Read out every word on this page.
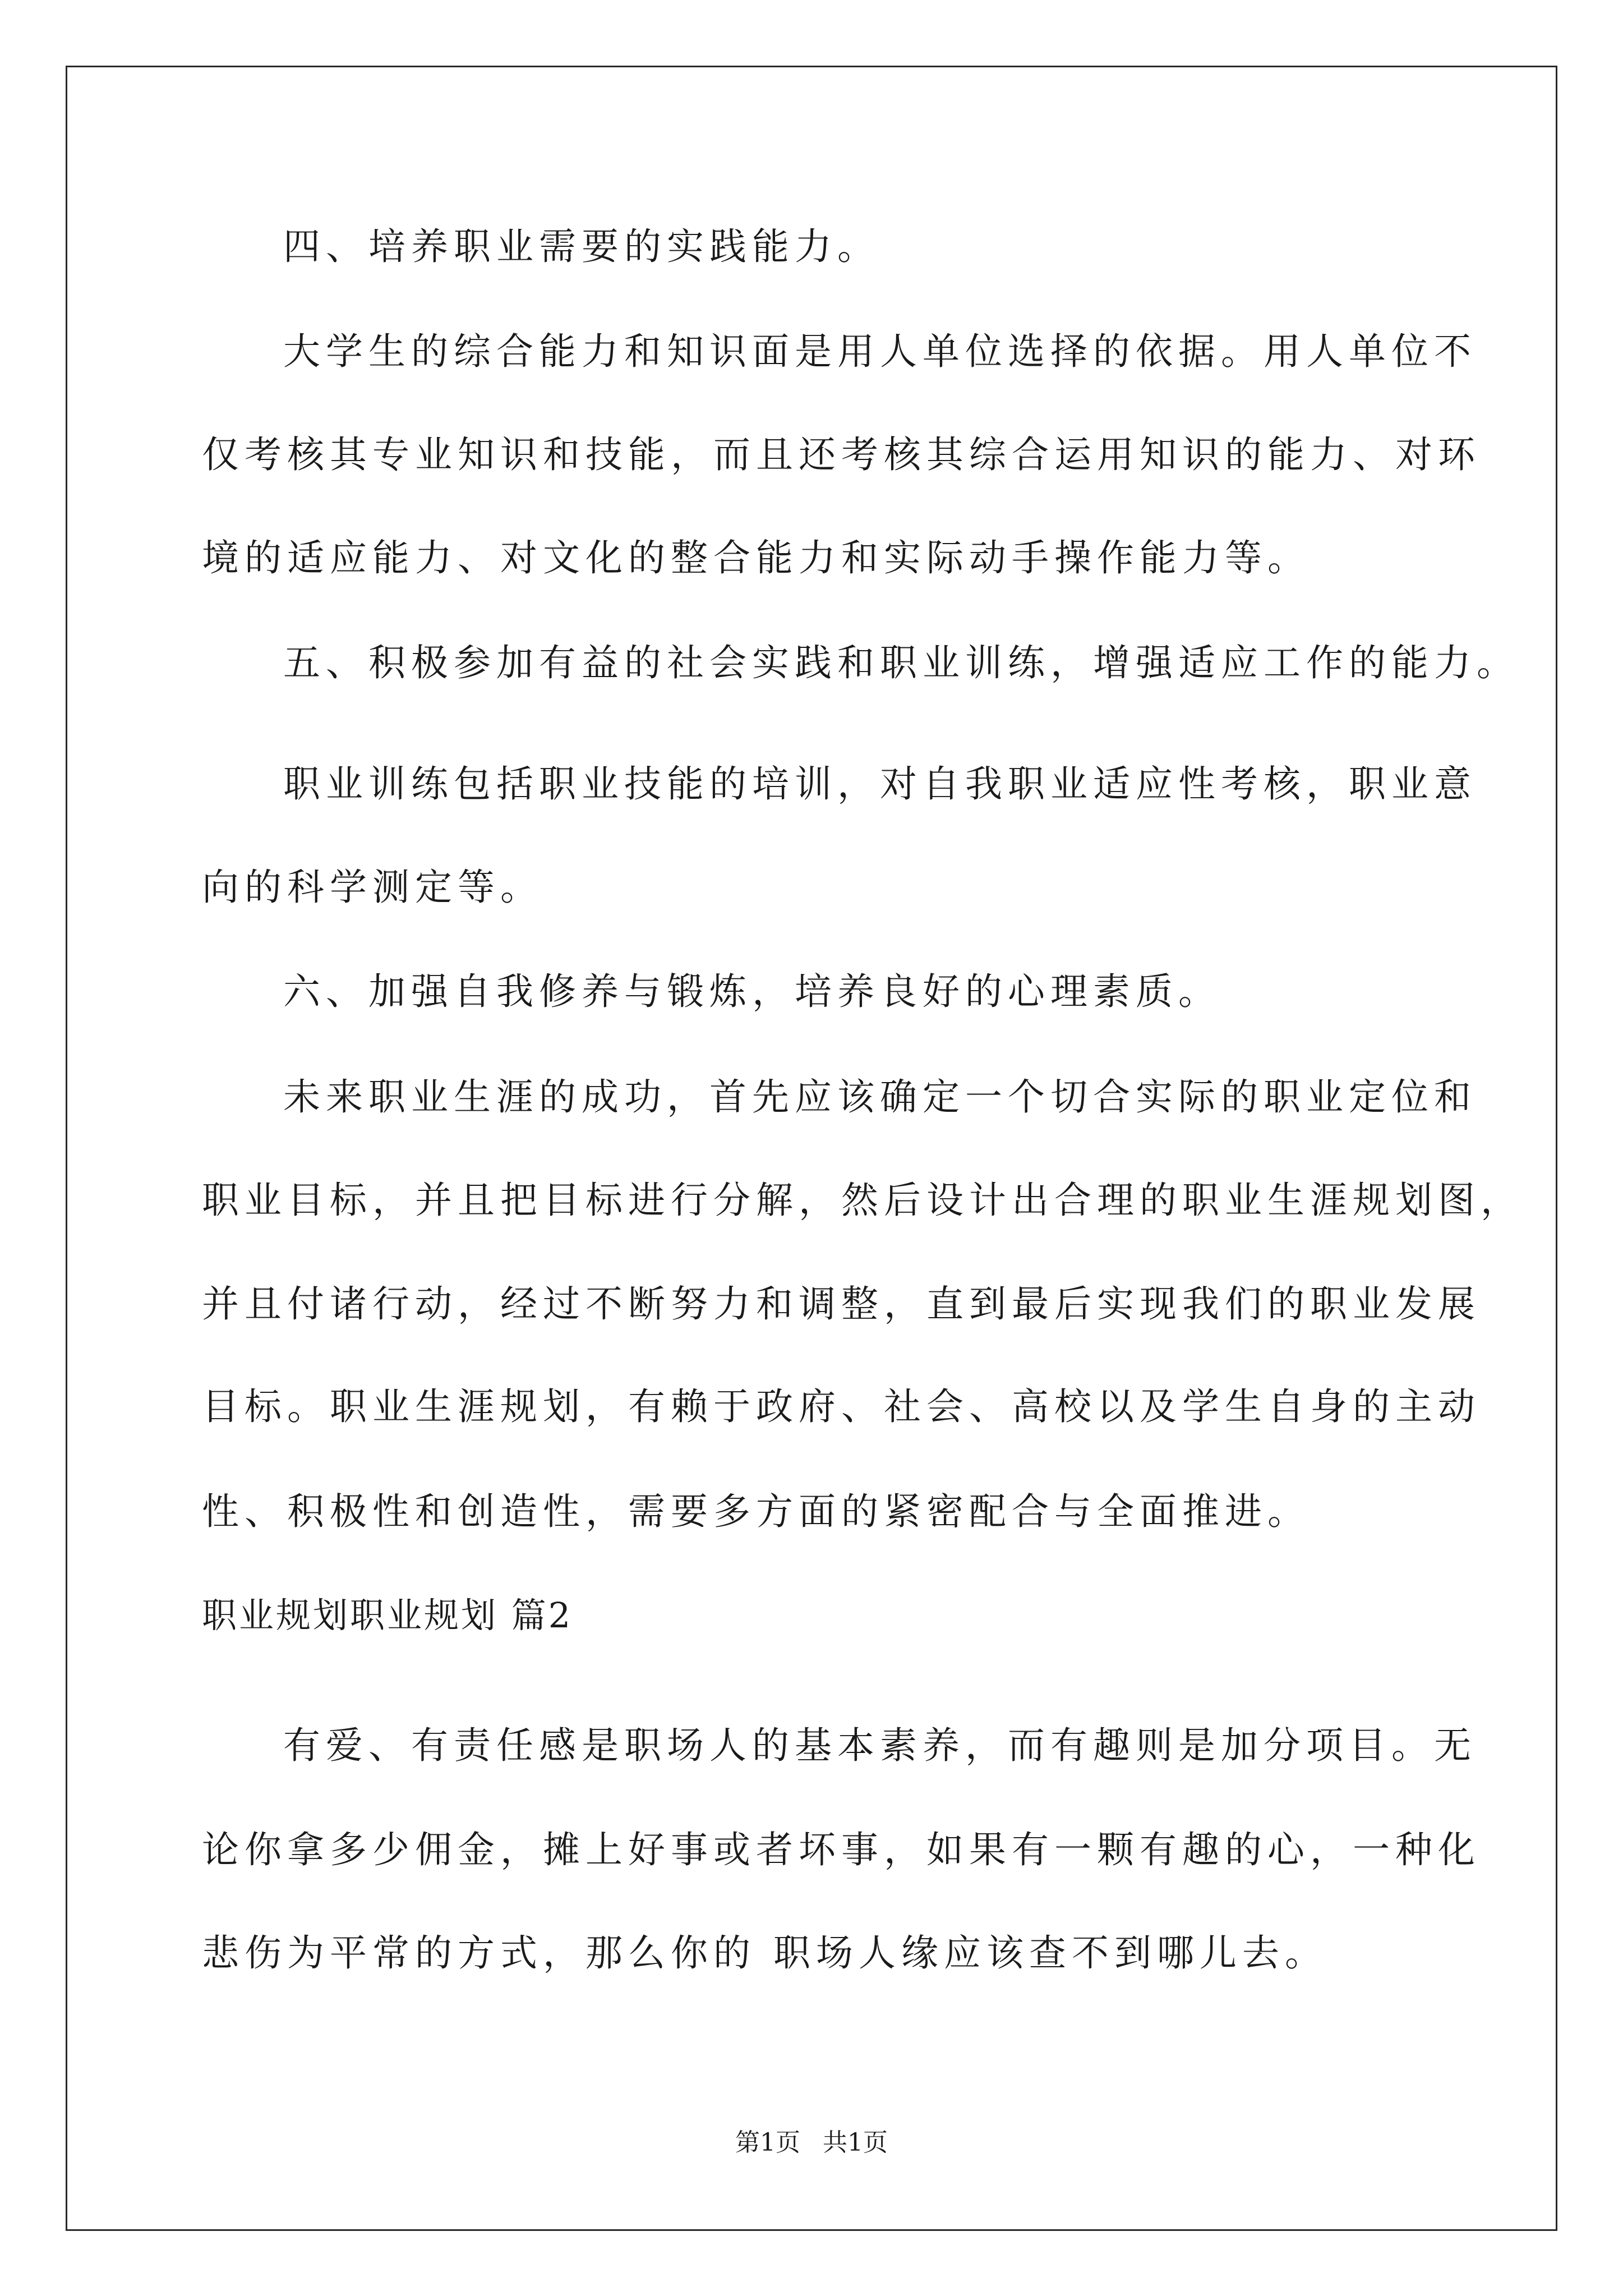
四、培养职业需要的实践能力。
大学生的综合能力和知识面是用人单位选择的依据。用人单位不
仅考核其专业知识和技能，而且还考核其综合运用知识的能力、对环
境的适应能力、对文化的整合能力和实际动手操作能力等。
五、积极参加有益的社会实践和职业训练，增强适应工作的能力。
职业训练包括职业技能的培训，对自我职业适应性考核，职业意
向的科学测定等。
六、加强自我修养与锻炼，培养良好的心理素质。
未来职业生涯的成功，首先应该确定一个切合实际的职业定位和
职业目标，并且把目标进行分解，然后设计出合理的职业生涯规划图，
并且付诸行动，经过不断努力和调整，直到最后实现我们的职业发展
目标。职业生涯规划，有赖于政府、社会、高校以及学生自身的主动
性、积极性和创造性，需要多方面的紧密配合与全面推进。
职业规划职业规划 篇2
有爱、有责任感是职场人的基本素养，而有趣则是加分项目。无
论你拿多少佣金，摊上好事或者坏事，如果有一颗有趣的心，一种化
悲伤为平常的方式，那么你的 职场人缘应该查不到哪儿去。
第1页 共1页
